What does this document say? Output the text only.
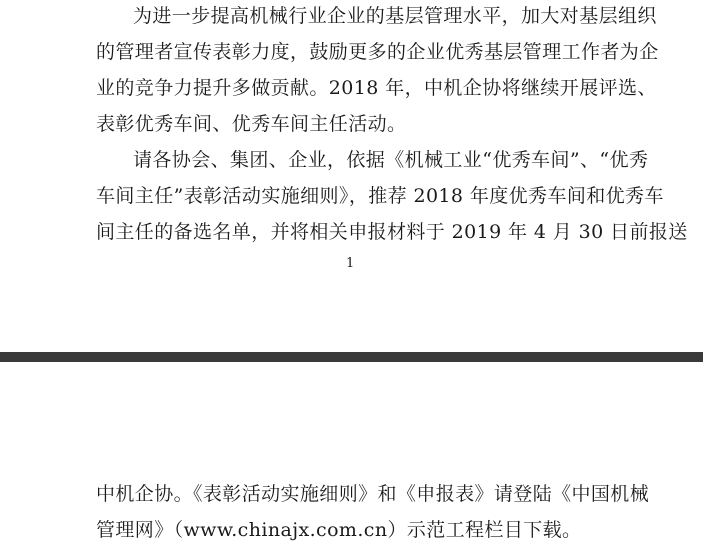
为进一步提高机械行业企业的基层管理水平，加大对基层组织
的管理者宣传表彰力度，鼓励更多的企业优秀基层管理工作者为企
业的竞争力提升多做贡献。2018 年，中机企协将继续开展评选、
表彰优秀车间、优秀车间主任活动。
请各协会、集团、企业，依据《机械工业“优秀车间”、“优秀
车间主任”表彰活动实施细则》，推荐 2018 年度优秀车间和优秀车
间主任的备选名单，并将相关申报材料于 2019 年 4 月 30 日前报送
1
中机企协。《表彰活动实施细则》和《申报表》请登陆《中国机械
管理网》（www.chinajx.com.cn）示范工程栏目下载。
